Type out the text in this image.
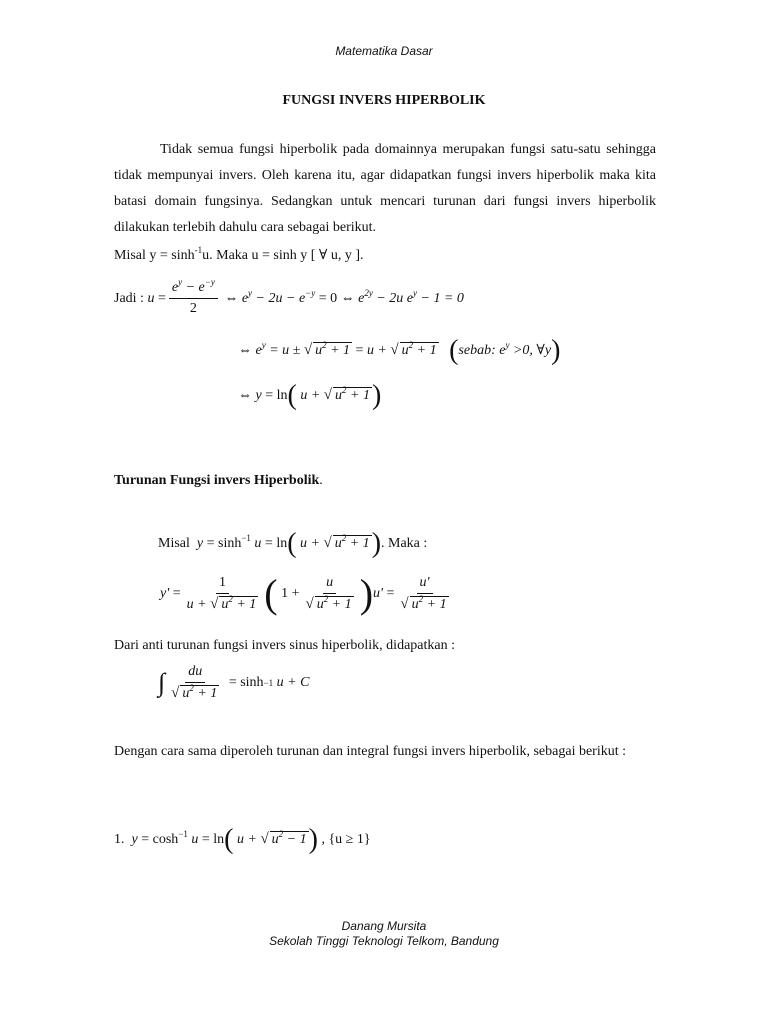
Matematika Dasar
FUNGSI INVERS HIPERBOLIK
Tidak semua fungsi hiperbolik pada domainnya merupakan fungsi satu-satu sehingga tidak mempunyai invers. Oleh karena itu, agar didapatkan fungsi invers hiperbolik maka kita batasi domain fungsinya. Sedangkan untuk mencari turunan dari fungsi invers hiperbolik dilakukan terlebih dahulu cara sebagai berikut.
Misal $y = \sinh^{-1}u$. Maka u = sinh y [ ∀ u, y ].
Jadi :
$u = \frac{e^y - e^{-y}}{2}$ ⇔ $e^y - 2u - e^{-y} = 0$ ⇔ $e^{2y} - 2u$ $e^y - 1 = 0$
⇔ $e^y = u$ ± √ $u^2 + 1 = u$ + √ $u^2 + 1$ (sebab: $e^y >0$, ∀y)
⇔ y = ln( u + √ $u^2 + 1$)
Turunan Fungsi invers Hiperbolik.
Misal $y = \sinh^{-1} u = \ln$( u + √ $u^2 + 1$). Maka :
$y' = \frac{1}{u + √ u^2 + 1}$ ( $1 + \frac{u}{√ u^2 + 1}$ ) $u' = \frac{u'}{√ u^2 + 1}$
Dari anti turunan fungsi invers sinus hiperbolik, didapatkan :
∫ $\frac{du}{√ u^2 + 1} = \sinh -1$
u + C
Dengan cara sama diperoleh turunan dan integral fungsi invers hiperbolik, sebagai berikut :
1. $y = \cosh^{-1} u = \ln$( u + √ $u^2 - 1$) , {u ≥ 1}
Danang Mursita
Sekolah Tinggi Teknologi Telkom, Bandung
